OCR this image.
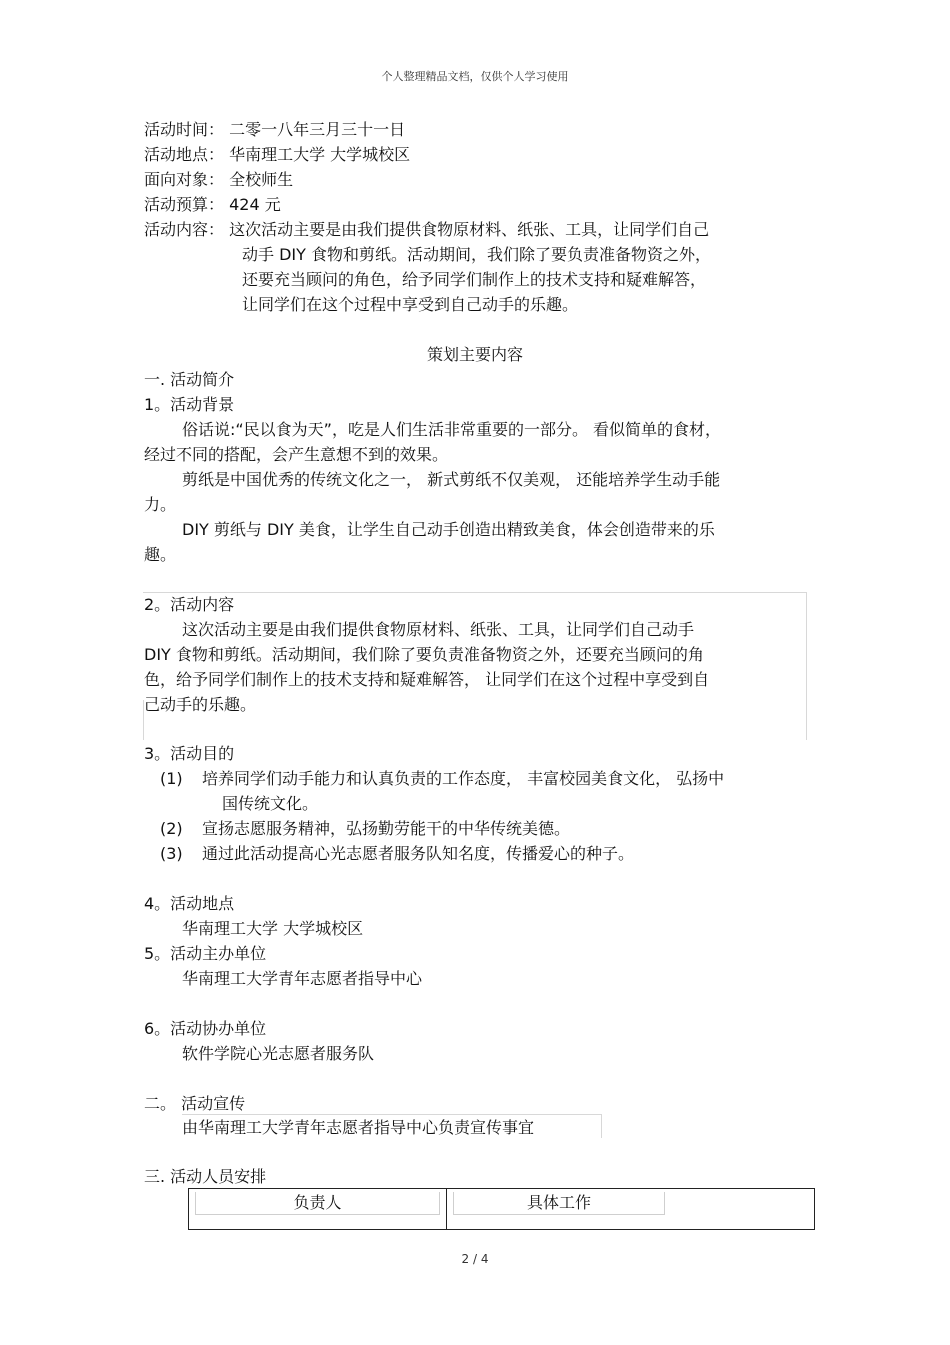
个人整理精品文档，仅供个人学习使用
活动时间： 二零一八年三月三十一日
活动地点： 华南理工大学 大学城校区
面向对象： 全校师生
活动预算： 424 元
活动内容： 这次活动主要是由我们提供食物原材料、纸张、工具，让同学们自己
动手 DIY 食物和剪纸。活动期间，我们除了要负责准备物资之外，
还要充当顾问的角色，给予同学们制作上的技术支持和疑难解答，
让同学们在这个过程中享受到自己动手的乐趣。
策划主要内容
一. 活动简介
1。活动背景
俗话说:“民以食为天”，吃是人们生活非常重要的一部分。 看似简单的食材，
经过不同的搭配，会产生意想不到的效果。
剪纸是中国优秀的传统文化之一， 新式剪纸不仅美观， 还能培养学生动手能
力。
DIY 剪纸与 DIY 美食，让学生自己动手创造出精致美食，体会创造带来的乐
趣。
2。活动内容
这次活动主要是由我们提供食物原材料、纸张、工具，让同学们自己动手
DIY 食物和剪纸。活动期间，我们除了要负责准备物资之外，还要充当顾问的角
色，给予同学们制作上的技术支持和疑难解答， 让同学们在这个过程中享受到自
己动手的乐趣。
3。活动目的
(1) 培养同学们动手能力和认真负责的工作态度， 丰富校园美食文化， 弘扬中
国传统文化。
(2) 宣扬志愿服务精神，弘扬勤劳能干的中华传统美德。
(3) 通过此活动提高心光志愿者服务队知名度，传播爱心的种子。
4。活动地点
华南理工大学 大学城校区
5。活动主办单位
华南理工大学青年志愿者指导中心
6。活动协办单位
软件学院心光志愿者服务队
二。 活动宣传
由华南理工大学青年志愿者指导中心负责宣传事宜
三. 活动人员安排
负责人	具体工作
2 / 4
